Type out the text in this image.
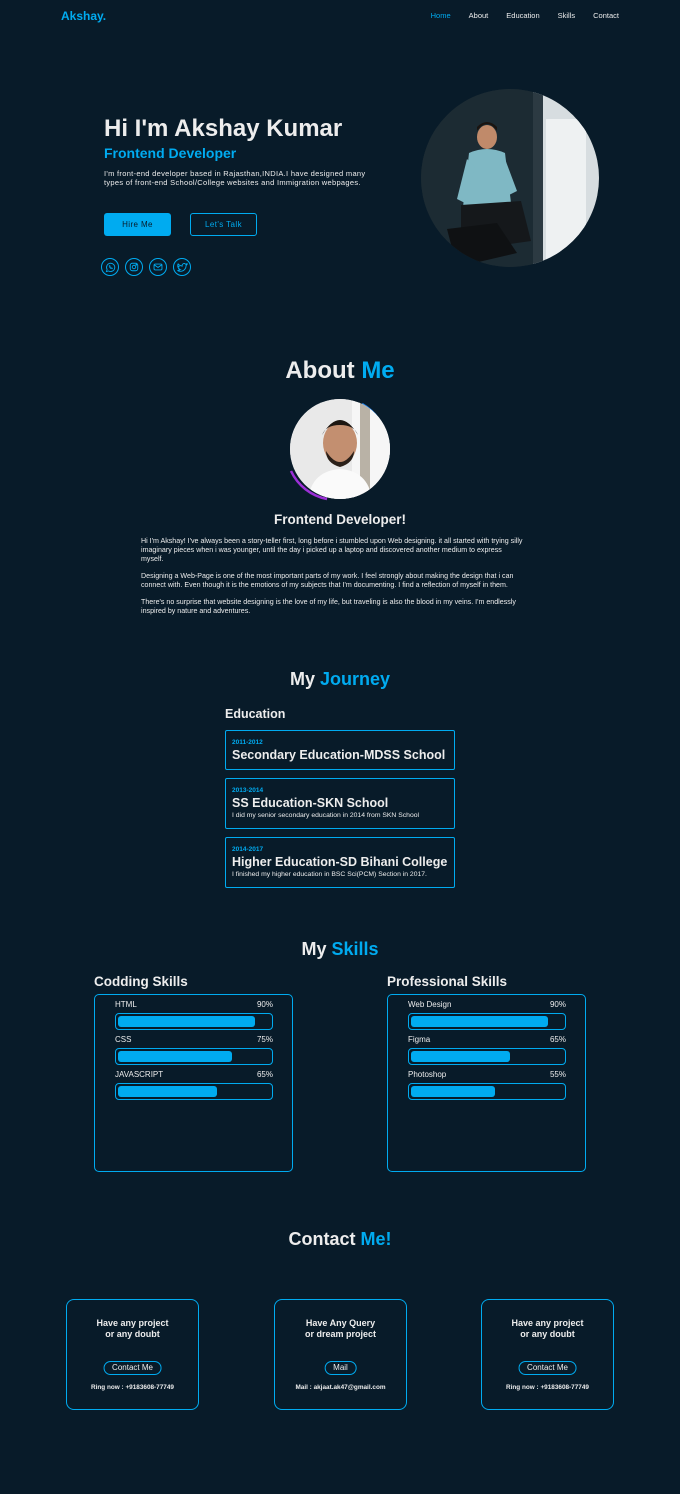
Akshay.	Home About Education Skills Contact
Hi I'm Akshay Kumar
Frontend Developer

I'm front-end developer based in Rajasthan,INDIA.I have designed many types of front-end School/College websites and Immigration webpages.

Hire Me	Let's Talk
About Me
Frontend Developer!

Hi I'm Akshay! I've always been a story-teller first, long before i stumbled upon Web designing. it all started with trying silly imaginary pieces when i was younger, until the day i picked up a laptop and discovered another medium to express myself.

Designing a Web-Page is one of the most important parts of my work. I feel strongly about making the design that i can connect with. Even though it is the emotions of my subjects that I'm documenting. I find a reflection of myself in them.

There's no surprise that website designing is the love of my life, but traveling is also the blood in my veins. I'm endlessly inspired by nature and adventures.

My Journey
Education
2011-2012
Secondary Education-MDSS School
2013-2014
SS Education-SKN School
I did my senior secondary education in 2014 from SKN School
2014-2017
Higher Education-SD Bihani College
I finished my higher education in BSC Sci(PCM) Section in 2017.
My Skills
Codding Skills
HTML	90%
CSS	75%
JAVASCRIPT	65%
Professional Skills
Web Design	90%
Figma	65%
Photoshop	55%
Contact Me!
Have any project
or any doubt
Contact Me
Ring now : +9183608-77749
Have Any Query
or dream project
Mail
Mail : akjaat.ak47@gmail.com
Have any project
or any doubt
Contact Me
Ring now : +9183608-77749
